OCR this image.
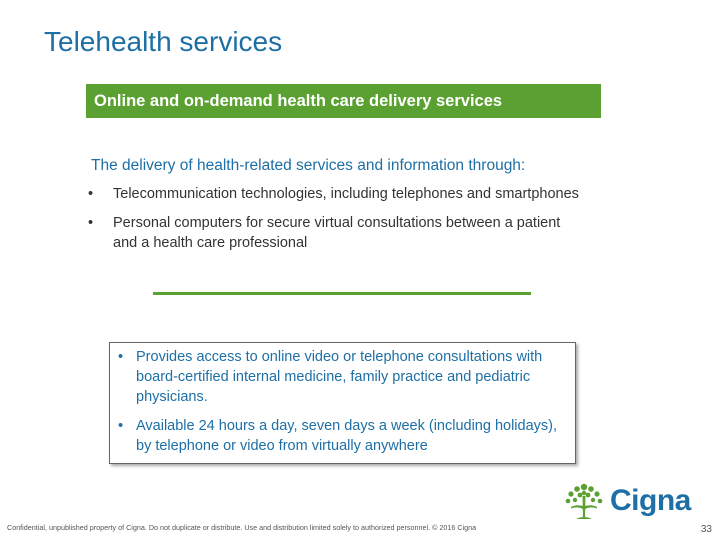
Telehealth services
Online and on-demand health care delivery services
The delivery of health-related services and information through:
• Telecommunication technologies, including telephones and smartphones
• Personal computers for secure virtual consultations between a patient and a health care professional
• Provides access to online video or telephone consultations with board-certified internal medicine, family practice and pediatric physicians.
• Available 24 hours a day, seven days a week (including holidays), by telephone or video from virtually anywhere
Cigna
Confidential, unpublished property of Cigna. Do not duplicate or distribute. Use and distribution limited solely to authorized personnel. © 2016 Cigna	33
